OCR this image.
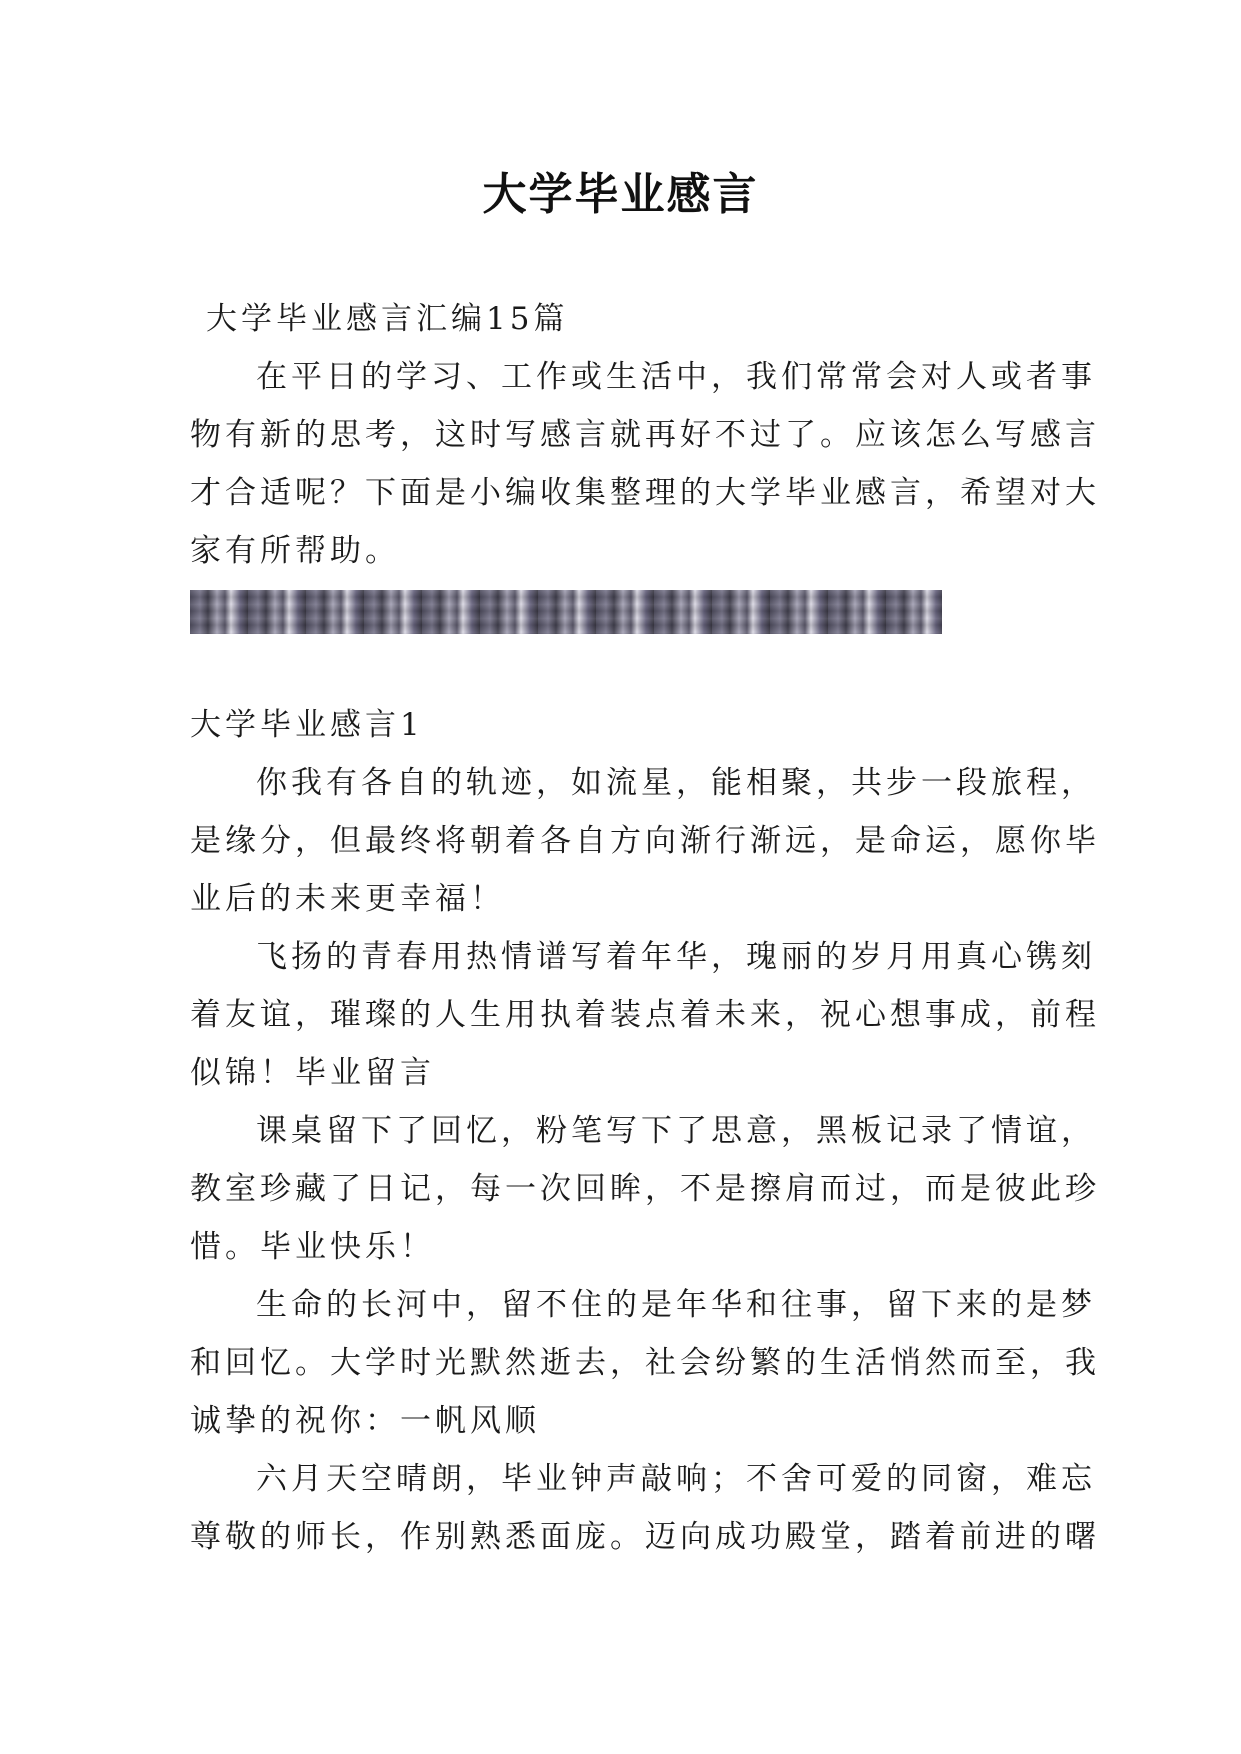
大学毕业感言
大学毕业感言汇编15篇
在平日的学习、工作或生活中，我们常常会对人或者事
物有新的思考，这时写感言就再好不过了。应该怎么写感言
才合适呢？下面是小编收集整理的大学毕业感言，希望对大
家有所帮助。
大学毕业感言1
你我有各自的轨迹，如流星，能相聚，共步一段旅程，
是缘分，但最终将朝着各自方向渐行渐远，是命运，愿你毕
业后的未来更幸福！
飞扬的青春用热情谱写着年华，瑰丽的岁月用真心镌刻
着友谊，璀璨的人生用执着装点着未来，祝心想事成，前程
似锦！毕业留言
课桌留下了回忆，粉笔写下了思意，黑板记录了情谊，
教室珍藏了日记，每一次回眸，不是擦肩而过，而是彼此珍
惜。毕业快乐！
生命的长河中，留不住的是年华和往事，留下来的是梦
和回忆。大学时光默然逝去，社会纷繁的生活悄然而至，我
诚挚的祝你：一帆风顺
六月天空晴朗，毕业钟声敲响；不舍可爱的同窗，难忘
尊敬的师长，作别熟悉面庞。迈向成功殿堂，踏着前进的曙
